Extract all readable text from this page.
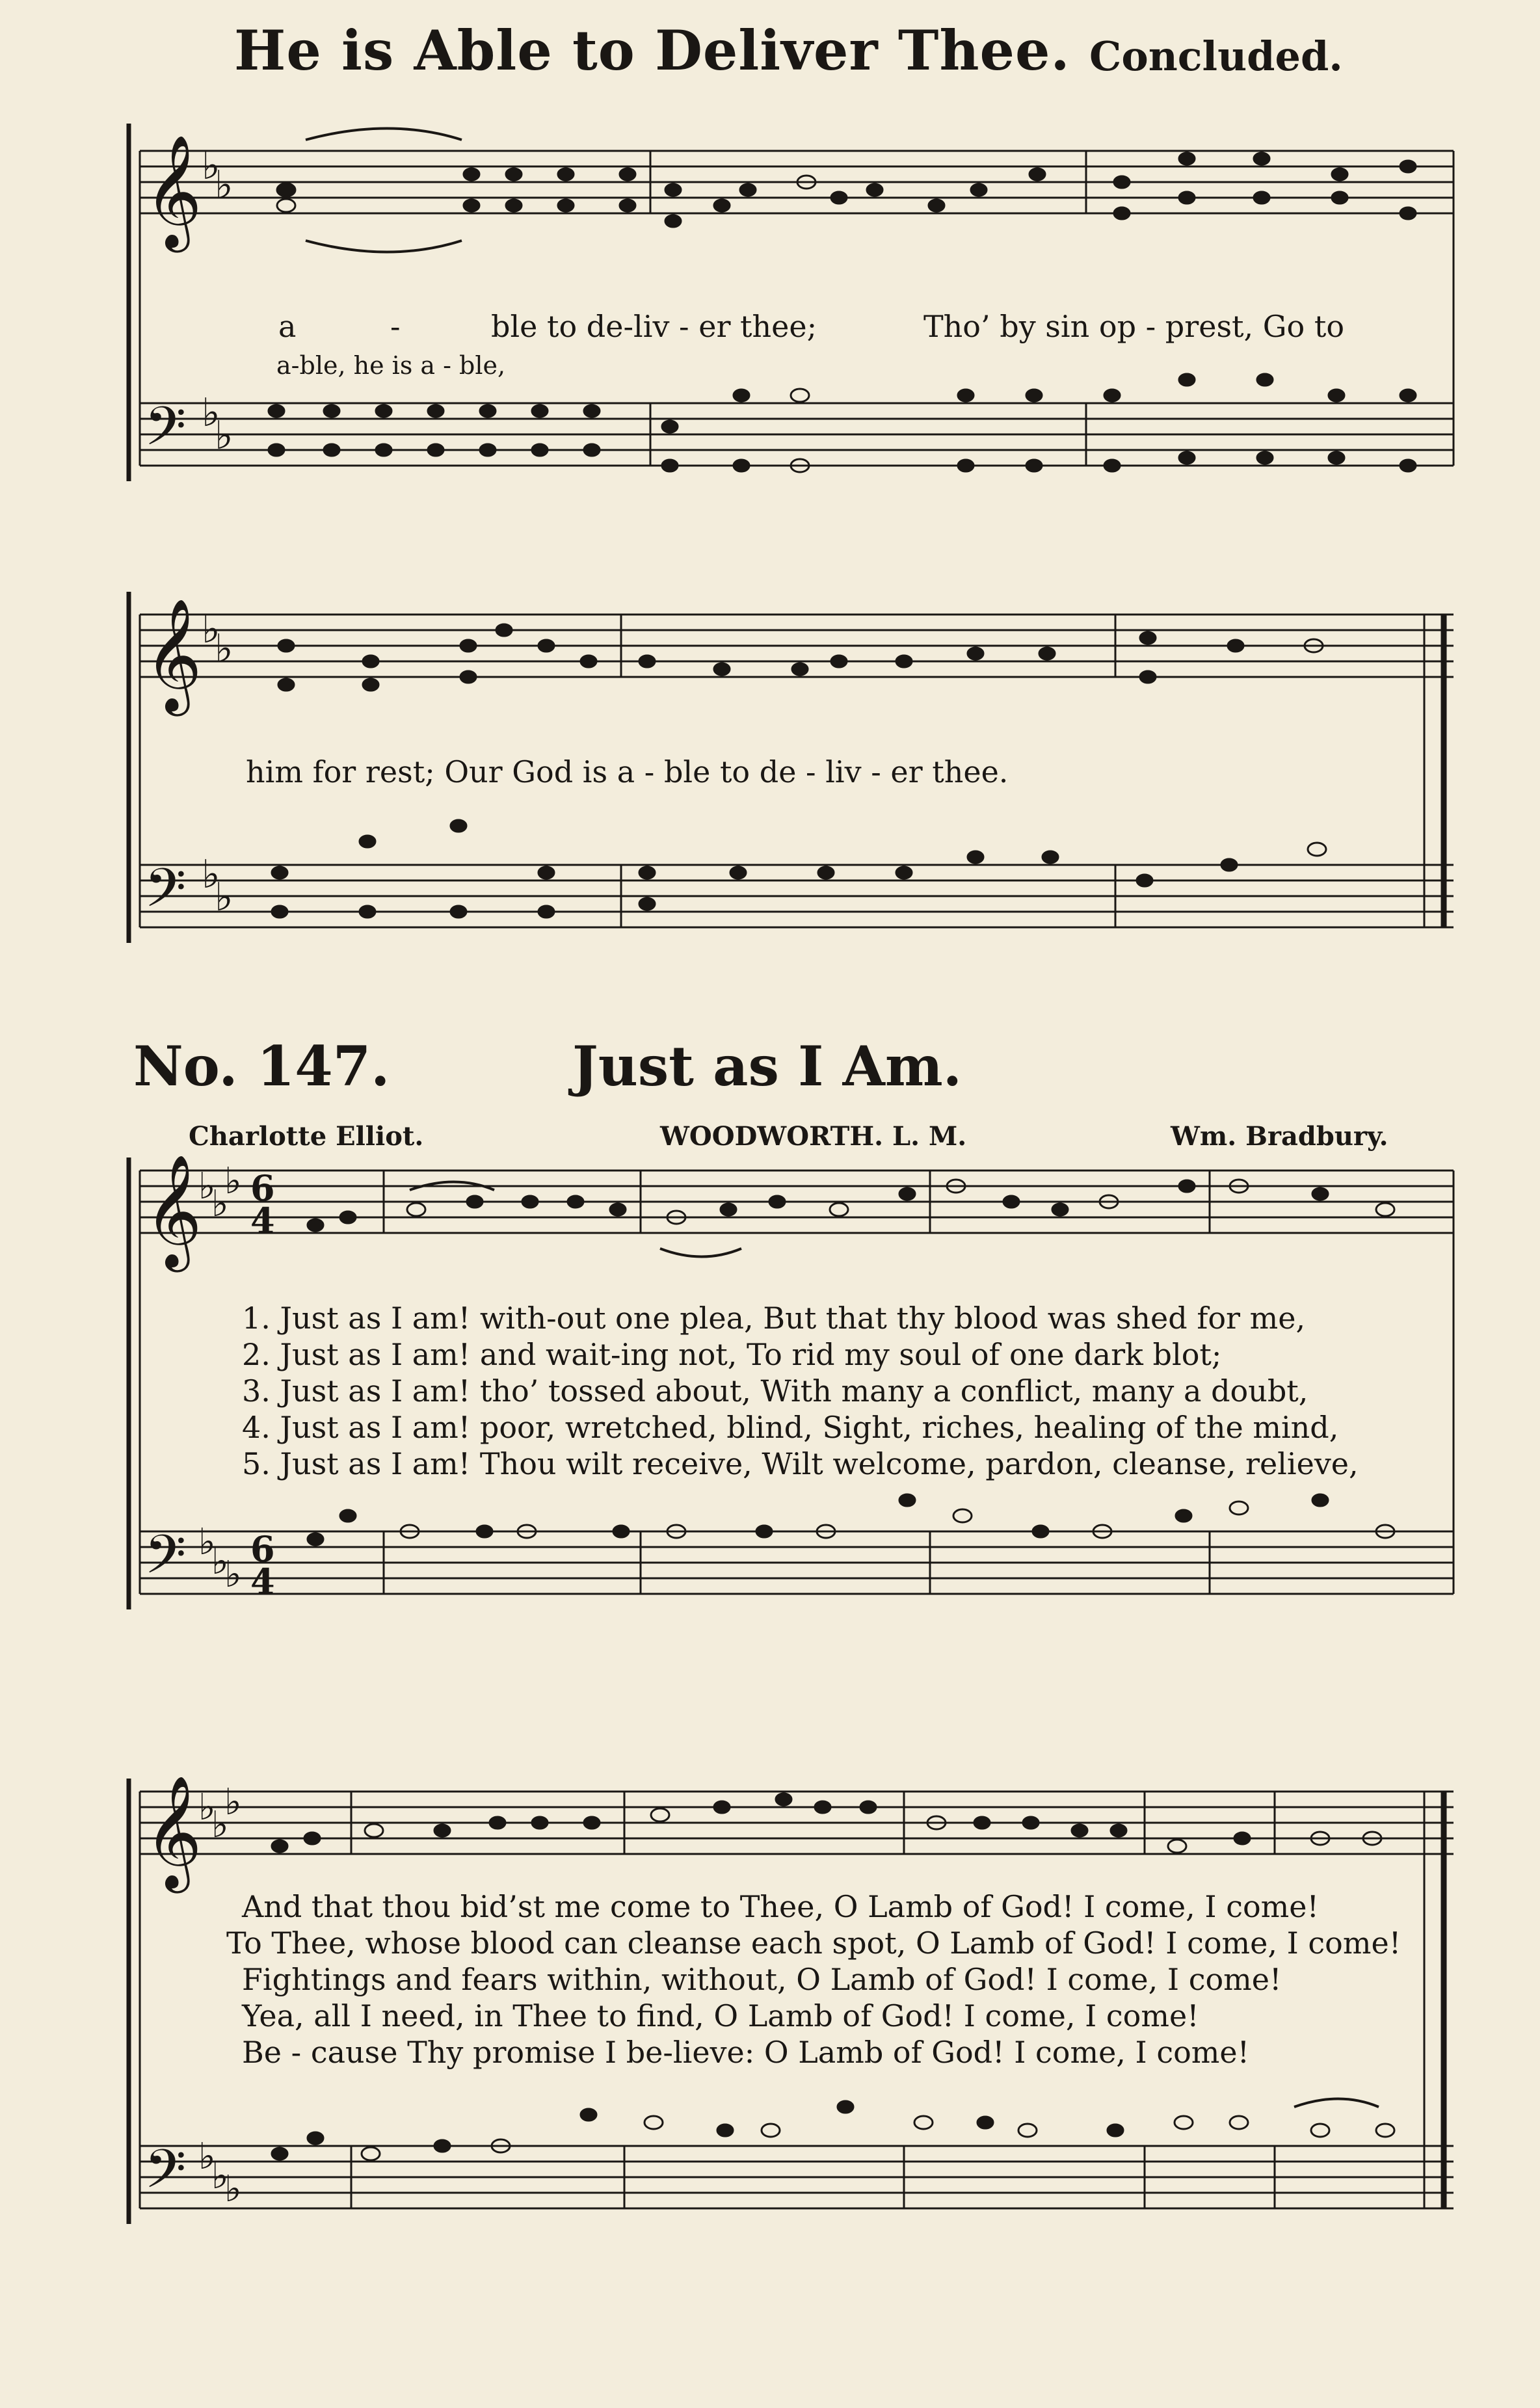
He is Able to Deliver Thee. Concluded.
𝄞
𝄢
𝄞
𝄢
𝄞
𝄢
𝄞
𝄢
♭
♭
♭
♭
♭
♭
♭
♭
♭
♭
♭
♭
♭
♭
♭
♭
♭
♭
♭
♭
6
4
6
4
a	-	ble to de-liv - er thee;	Tho’ by sin op - prest, Go to
a-ble, he is a - ble,
him for rest; Our God is a - ble to de - liv - er thee.
No. 147.	Just as I Am.
Charlotte Elliot.	WOODWORTH. L. M.	Wm. Bradbury.
1. Just as I am! with-out one plea, But that thy blood was shed for me,
2. Just as I am! and wait-ing not, To rid my soul of one dark blot;
3. Just as I am! tho’ tossed about, With many a conflict, many a doubt,
4. Just as I am! poor, wretched, blind, Sight, riches, healing of the mind,
5. Just as I am! Thou wilt receive, Wilt welcome, pardon, cleanse, relieve,
And that thou bid’st me come to Thee, O Lamb of God! I come, I come!
To Thee, whose blood can cleanse each spot, O Lamb of God! I come, I come!
Fightings and fears within, without, O Lamb of God! I come, I come!
Yea, all I need, in Thee to find, O Lamb of God! I come, I come!
Be - cause Thy promise I be-lieve: O Lamb of God! I come, I come!
